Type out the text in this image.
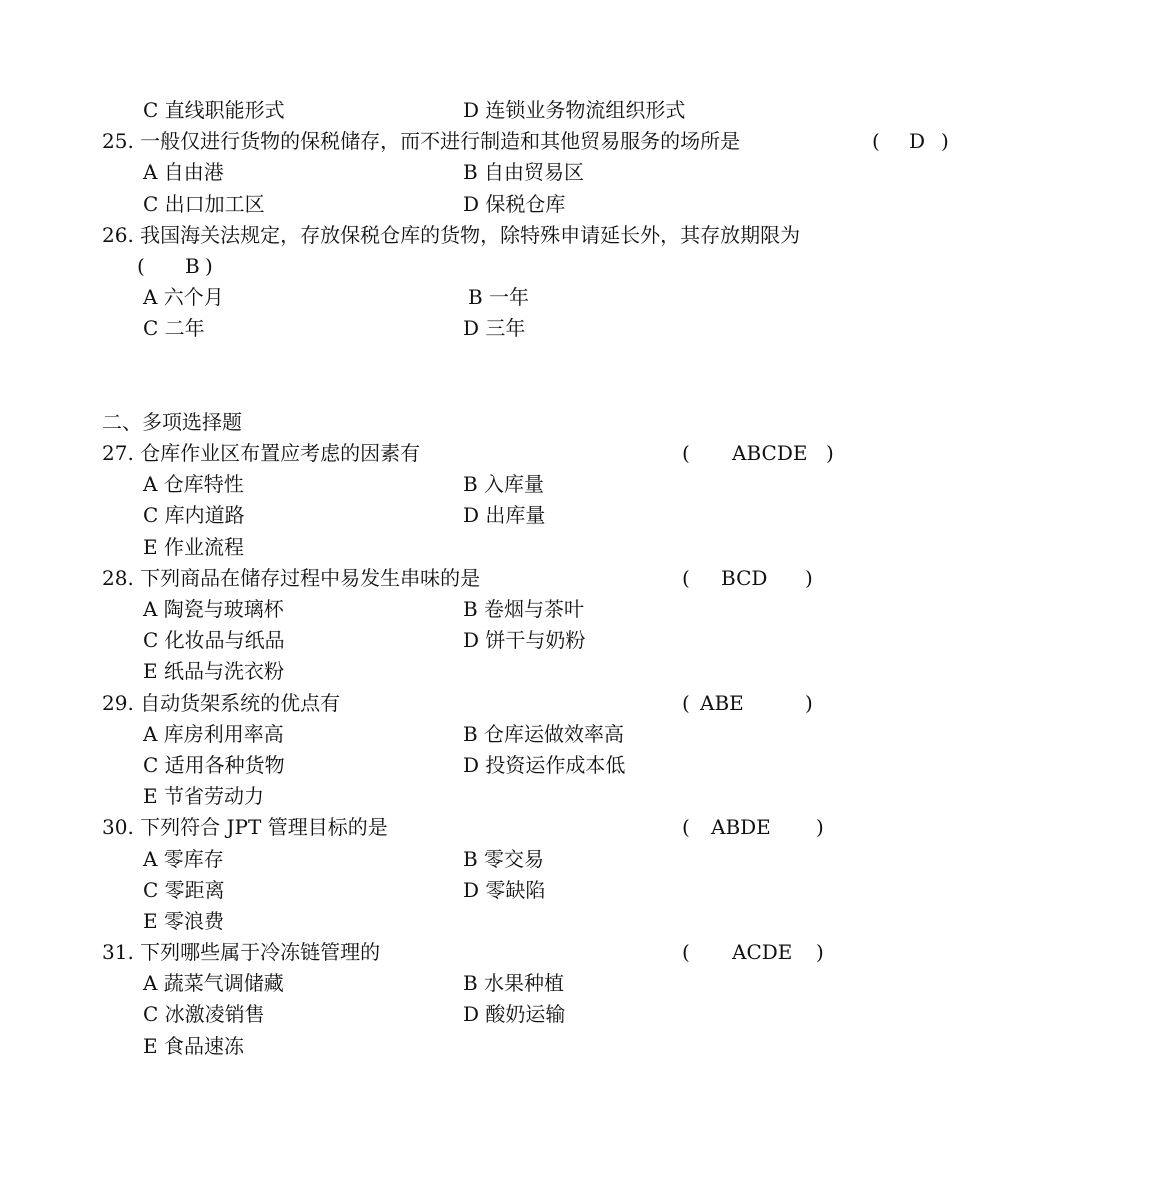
C 直线职能形式	D 连锁业务物流组织形式
25. 一般仅进行货物的保税储存，而不进行制造和其他贸易服务的场所是	( D )
A 自由港	B 自由贸易区
C 出口加工区	D 保税仓库
26. 我国海关法规定，存放保税仓库的货物，除特殊申请延长外，其存放期限为
( B )
A 六个月	B 一年
C 二年	D 三年
二、多项选择题
27. 仓库作业区布置应考虑的因素有	( ABCDE )
A 仓库特性	B 入库量
C 库内道路	D 出库量
E 作业流程
28. 下列商品在储存过程中易发生串味的是	( BCD )
A 陶瓷与玻璃杯	B 卷烟与茶叶
C 化妆品与纸品	D 饼干与奶粉
E 纸品与洗衣粉
29. 自动货架系统的优点有	( ABE	)
A 库房利用率高	B 仓库运做效率高
C 适用各种货物	D 投资运作成本低
E 节省劳动力
30. 下列符合 JPT 管理目标的是	( ABDE )
A 零库存	B 零交易
C 零距离	D 零缺陷
E 零浪费
31. 下列哪些属于冷冻链管理的	( ACDE )
A 蔬菜气调储藏	B 水果种植
C 冰激凌销售	D 酸奶运输
E 食品速冻
